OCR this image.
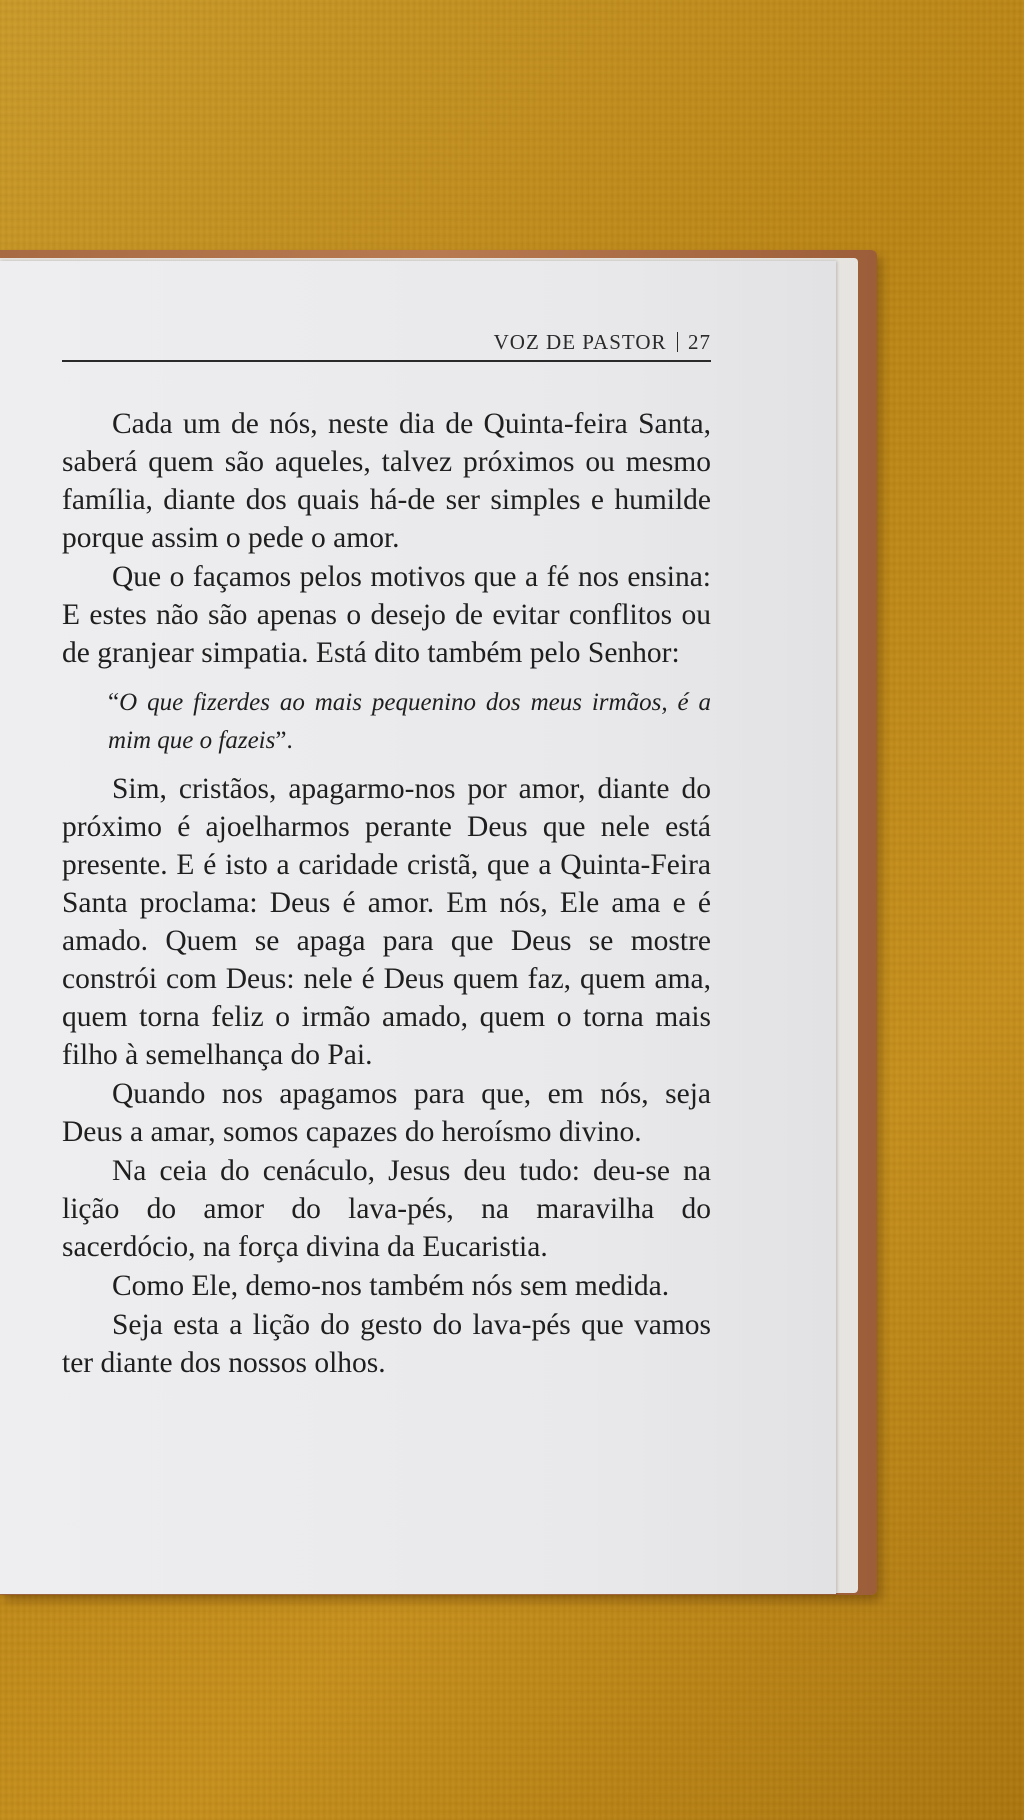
VOZ DE PASTOR 27

Cada um de nós, neste dia de Quinta-feira Santa, saberá quem são aqueles, talvez próximos ou mesmo família, diante dos quais há-de ser simples e humilde porque assim o pede o amor.

Que o façamos pelos motivos que a fé nos ensina: E estes não são apenas o desejo de evitar conflitos ou de granjear simpatia. Está dito também pelo Senhor:

“O que fizerdes ao mais pequenino dos meus irmãos, é a mim que o fazeis”.

Sim, cristãos, apagarmo-nos por amor, diante do próximo é ajoelharmos perante Deus que nele está presente. E é isto a caridade cristã, que a Quinta-Feira Santa proclama: Deus é amor. Em nós, Ele ama e é amado. Quem se apaga para que Deus se mostre constrói com Deus: nele é Deus quem faz, quem ama, quem torna feliz o irmão amado, quem o torna mais filho à semelhança do Pai.

Quando nos apagamos para que, em nós, seja Deus a amar, somos capazes do heroísmo divino.

Na ceia do cenáculo, Jesus deu tudo: deu-se na lição do amor do lava-pés, na maravilha do sacerdócio, na força divina da Eucaristia.

Como Ele, demo-nos também nós sem medida.

Seja esta a lição do gesto do lava-pés que vamos ter diante dos nossos olhos.
